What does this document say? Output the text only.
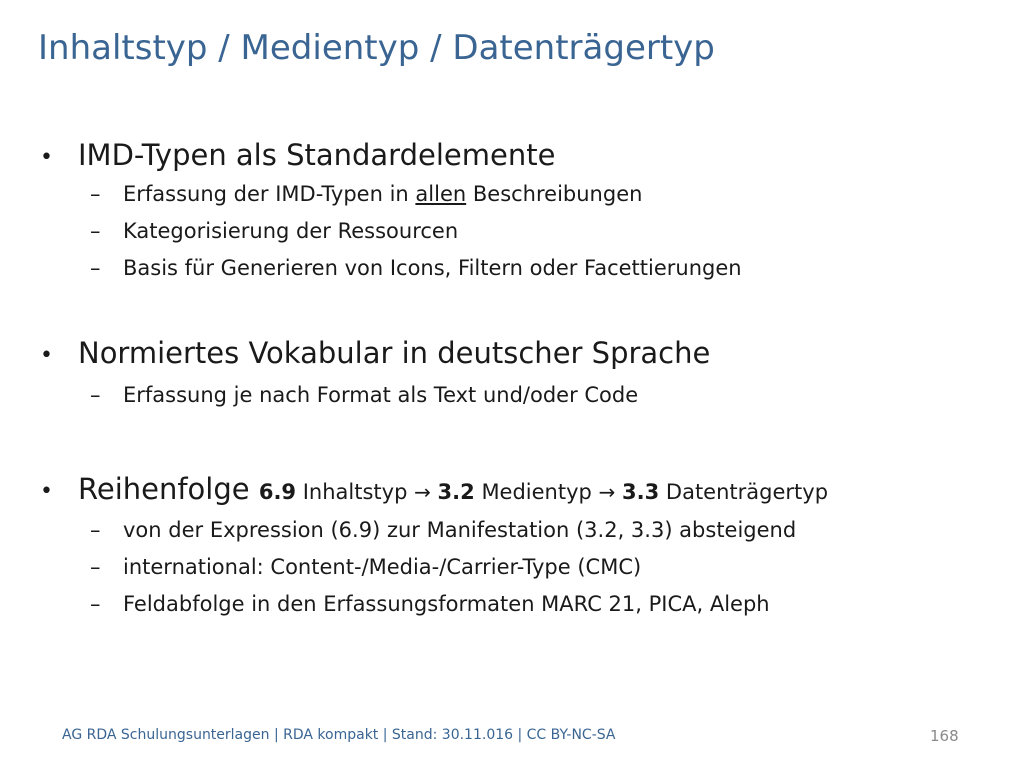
Inhaltstyp / Medientyp / Datenträgertyp
• IMD-Typen als Standardelemente
– Erfassung der IMD-Typen in allen Beschreibungen
– Kategorisierung der Ressourcen
– Basis für Generieren von Icons, Filtern oder Facettierungen
• Normiertes Vokabular in deutscher Sprache
– Erfassung je nach Format als Text und/oder Code
• Reihenfolge 6.9 Inhaltstyp → 3.2 Medientyp → 3.3 Datenträgertyp
– von der Expression (6.9) zur Manifestation (3.2, 3.3) absteigend
– international: Content-/Media-/Carrier-Type (CMC)
– Feldabfolge in den Erfassungsformaten MARC 21, PICA, Aleph
AG RDA Schulungsunterlagen | RDA kompakt | Stand: 30.11.016 | CC BY-NC-SA	168
